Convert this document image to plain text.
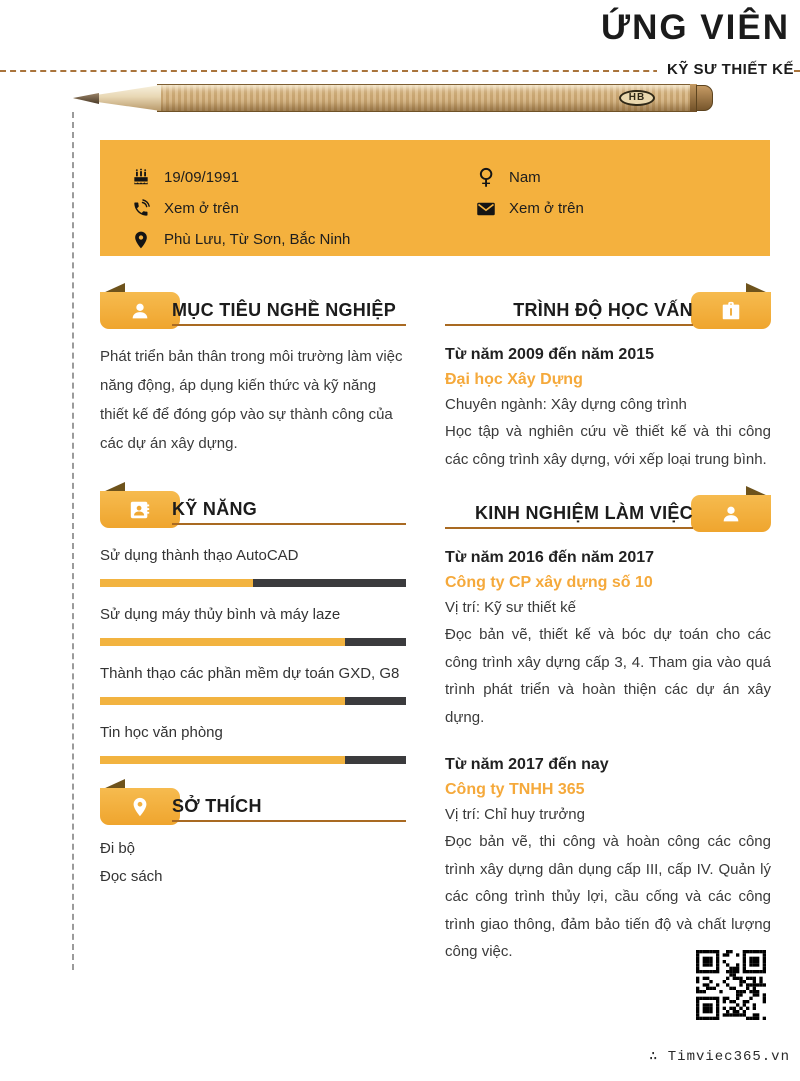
ỨNG VIÊN
KỸ SƯ THIẾT KẾ
HB
19/09/1991
Xem ở trên
Phù Lưu, Từ Sơn, Bắc Ninh
♀ Nam
Xem ở trên
MỤC TIÊU NGHỀ NGHIỆP
Phát triển bản thân trong môi trường làm việc năng động, áp dụng kiến thức và kỹ năng thiết kế để đóng góp vào sự thành công của các dự án xây dựng.
KỸ NĂNG
Sử dụng thành thạo AutoCAD
Sử dụng máy thủy bình và máy laze
Thành thạo các phần mềm dự toán GXD, G8
Tin học văn phòng
SỞ THÍCH
Đi bộ
Đọc sách
TRÌNH ĐỘ HỌC VẤN
Từ năm 2009 đến năm 2015
Đại học Xây Dựng
Chuyên ngành: Xây dựng công trình
Học tập và nghiên cứu về thiết kế và thi công các công trình xây dựng, với xếp loại trung bình.
KINH NGHIỆM LÀM VIỆC
Từ năm 2016 đến năm 2017
Công ty CP xây dựng số 10
Vị trí: Kỹ sư thiết kế
Đọc bản vẽ, thiết kế và bóc dự toán cho các công trình xây dựng cấp 3, 4. Tham gia vào quá trình phát triển và hoàn thiện các dự án xây dựng.
Từ năm 2017 đến nay
Công ty TNHH 365
Vị trí: Chỉ huy trưởng
Đọc bản vẽ, thi công và hoàn công các công trình xây dựng dân dụng cấp III, cấp IV. Quản lý các công trình thủy lợi, cầu cống và các công trình giao thông, đảm bảo tiến độ và chất lượng công việc.
∴ Timviec365.vn
